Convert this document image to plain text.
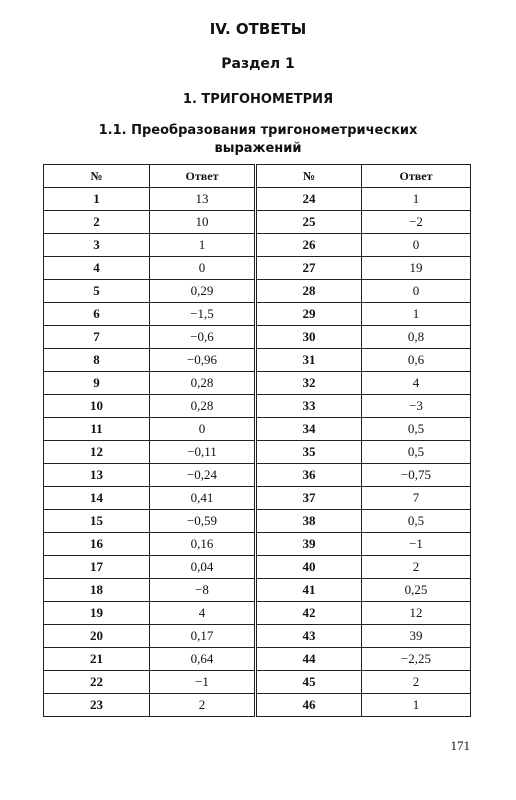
IV. ОТВЕТЫ
Раздел 1
1. ТРИГОНОМЕТРИЯ
1.1. Преобразования тригонометрических
выражений
№	Ответ	№	Ответ
1	13	24	1
2	10	25	−2
3	1	26	0
4	0	27	19
5	0,29	28	0
6	−1,5	29	1
7	−0,6	30	0,8
8	−0,96	31	0,6
9	0,28	32	4
10	0,28	33	−3
11	0	34	0,5
12	−0,11	35	0,5
13	−0,24	36	−0,75
14	0,41	37	7
15	−0,59	38	0,5
16	0,16	39	−1
17	0,04	40	2
18	−8	41	0,25
19	4	42	12
20	0,17	43	39
21	0,64	44	−2,25
22	−1	45	2
23	2	46	1
171
